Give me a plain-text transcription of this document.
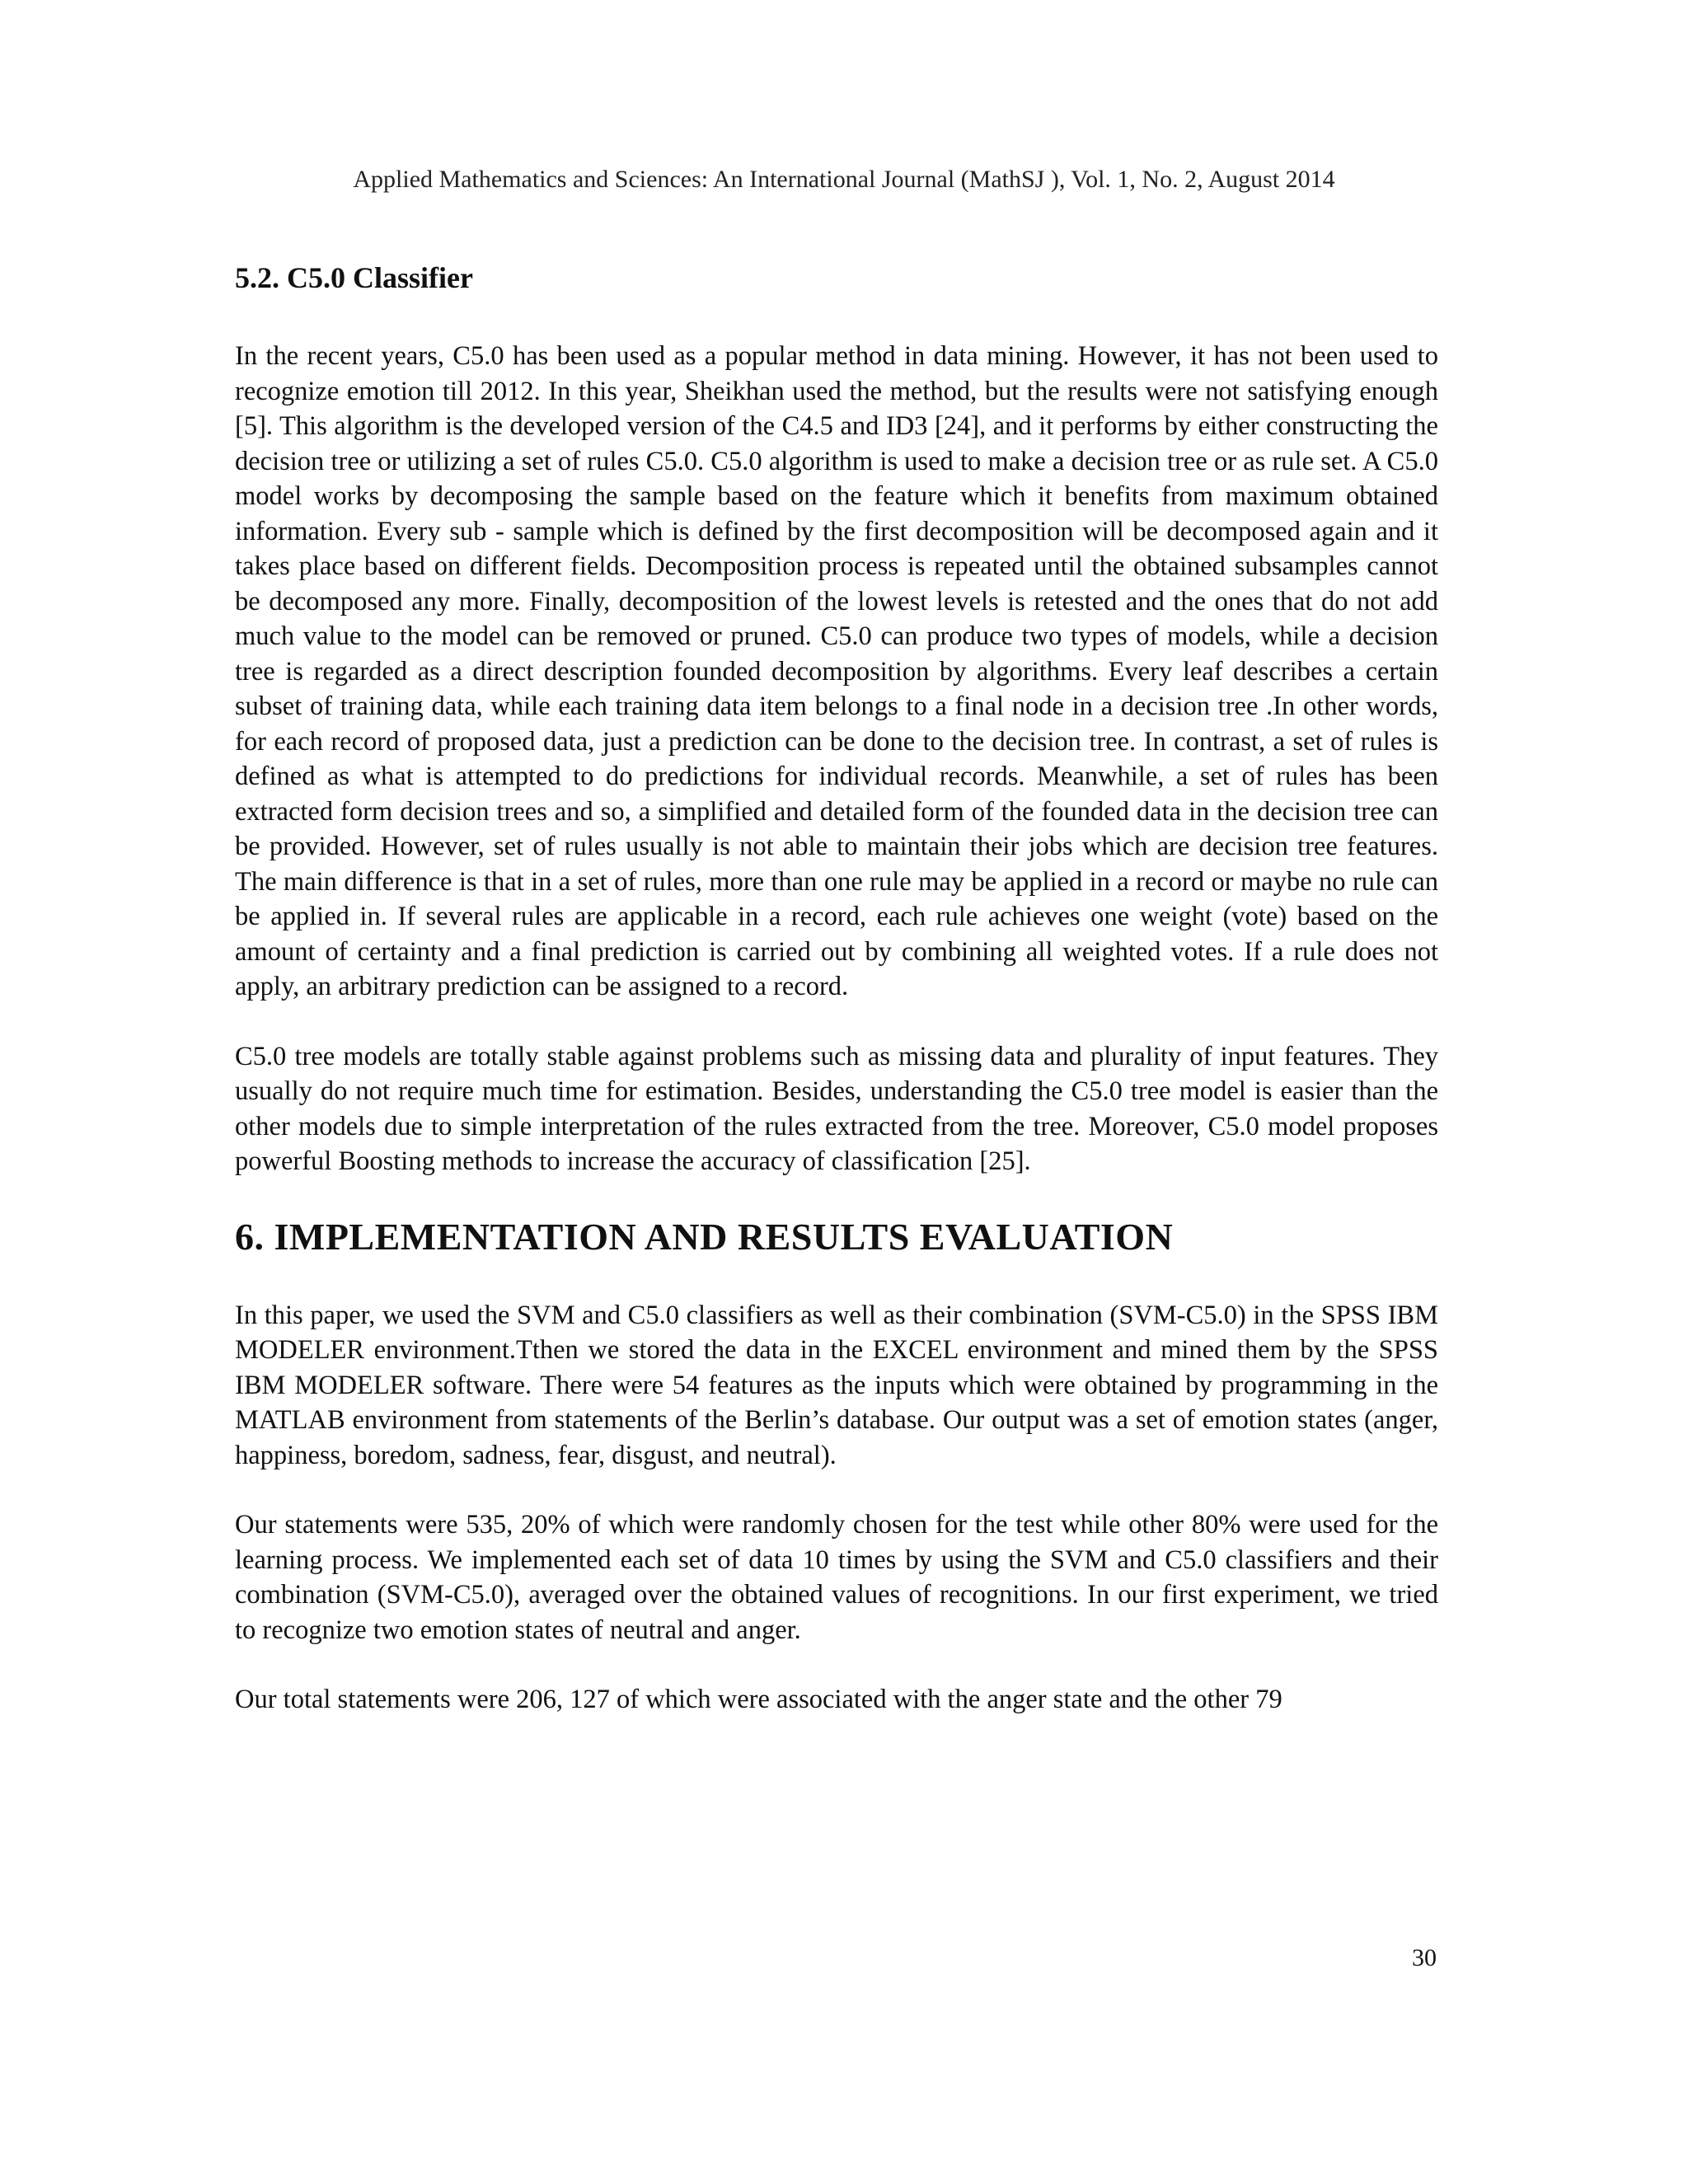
Applied Mathematics and Sciences: An International Journal (MathSJ ), Vol. 1, No. 2, August 2014
5.2. C5.0 Classifier

In the recent years, C5.0 has been used as a popular method in data mining. However, it has not been used to recognize emotion till 2012. In this year, Sheikhan used the method, but the results were not satisfying enough [5]. This algorithm is the developed version of the C4.5 and ID3 [24], and it performs by either constructing the decision tree or utilizing a set of rules C5.0. C5.0 algorithm is used to make a decision tree or as rule set. A C5.0 model works by decomposing the sample based on the feature which it benefits from maximum obtained information. Every sub - sample which is defined by the first decomposition will be decomposed again and it takes place based on different fields. Decomposition process is repeated until the obtained subsamples cannot be decomposed any more. Finally, decomposition of the lowest levels is retested and the ones that do not add much value to the model can be removed or pruned. C5.0 can produce two types of models, while a decision tree is regarded as a direct description founded decomposition by algorithms. Every leaf describes a certain subset of training data, while each training data item belongs to a final node in a decision tree .In other words, for each record of proposed data, just a prediction can be done to the decision tree. In contrast, a set of rules is defined as what is attempted to do predictions for individual records. Meanwhile, a set of rules has been extracted form decision trees and so, a simplified and detailed form of the founded data in the decision tree can be provided. However, set of rules usually is not able to maintain their jobs which are decision tree features. The main difference is that in a set of rules, more than one rule may be applied in a record or maybe no rule can be applied in. If several rules are applicable in a record, each rule achieves one weight (vote) based on the amount of certainty and a final prediction is carried out by combining all weighted votes. If a rule does not apply, an arbitrary prediction can be assigned to a record.

C5.0 tree models are totally stable against problems such as missing data and plurality of input features. They usually do not require much time for estimation. Besides, understanding the C5.0 tree model is easier than the other models due to simple interpretation of the rules extracted from the tree. Moreover, C5.0 model proposes powerful Boosting methods to increase the accuracy of classification [25].

6. IMPLEMENTATION AND RESULTS EVALUATION

In this paper, we used the SVM and C5.0 classifiers as well as their combination (SVM-C5.0) in the SPSS IBM MODELER environment.Tthen we stored the data in the EXCEL environment and mined them by the SPSS IBM MODELER software. There were 54 features as the inputs which were obtained by programming in the MATLAB environment from statements of the Berlin’s database. Our output was a set of emotion states (anger, happiness, boredom, sadness, fear, disgust, and neutral).

Our statements were 535, 20% of which were randomly chosen for the test while other 80% were used for the learning process. We implemented each set of data 10 times by using the SVM and C5.0 classifiers and their combination (SVM-C5.0), averaged over the obtained values of recognitions. In our first experiment, we tried to recognize two emotion states of neutral and anger.

Our total statements were 206, 127 of which were associated with the anger state and the other 79

30
